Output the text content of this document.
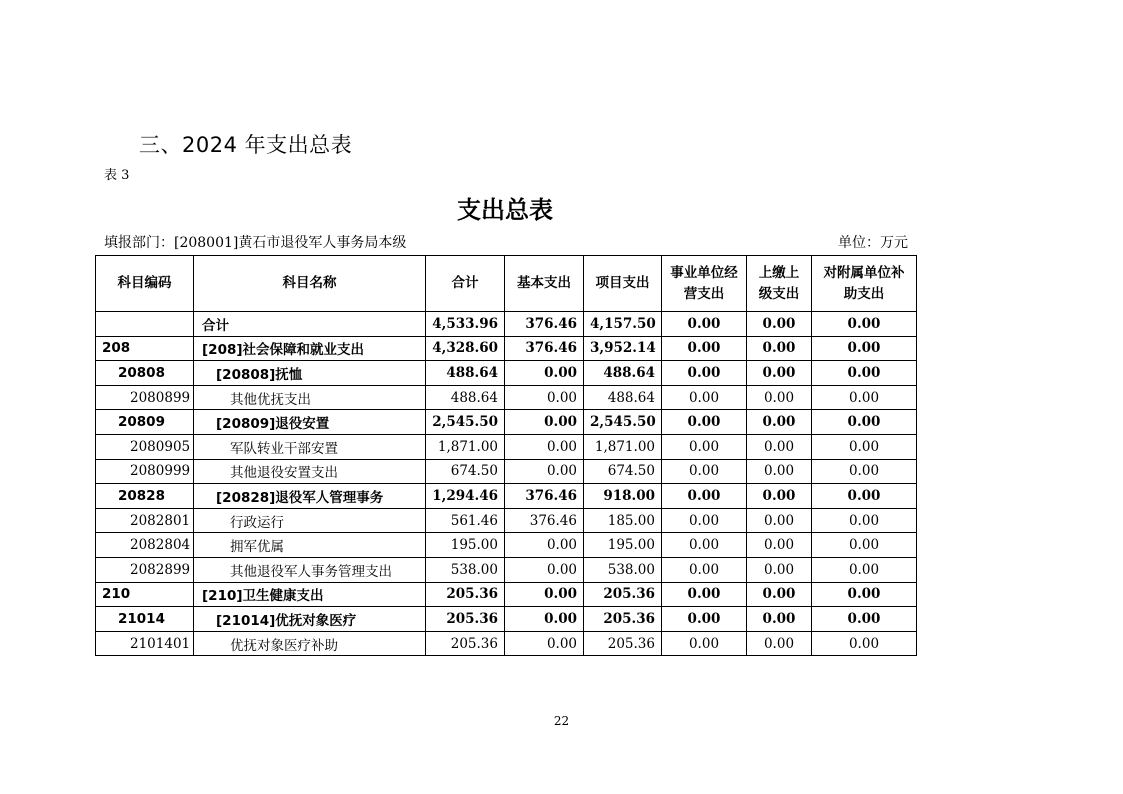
三、2024 年支出总表
表 3
支出总表
填报部门：[208001]黄石市退役军人事务局本级	单位：万元
科目编码	科目名称	合计	基本支出	项目支出	事业单位经营支出	上缴上级支出	对附属单位补助支出
	合计	4,533.96	376.46	4,157.50	0.00	0.00	0.00
208	[208]社会保障和就业支出	4,328.60	376.46	3,952.14	0.00	0.00	0.00
20808	[20808]抚恤	488.64	0.00	488.64	0.00	0.00	0.00
2080899	其他优抚支出	488.64	0.00	488.64	0.00	0.00	0.00
20809	[20809]退役安置	2,545.50	0.00	2,545.50	0.00	0.00	0.00
2080905	军队转业干部安置	1,871.00	0.00	1,871.00	0.00	0.00	0.00
2080999	其他退役安置支出	674.50	0.00	674.50	0.00	0.00	0.00
20828	[20828]退役军人管理事务	1,294.46	376.46	918.00	0.00	0.00	0.00
2082801	行政运行	561.46	376.46	185.00	0.00	0.00	0.00
2082804	拥军优属	195.00	0.00	195.00	0.00	0.00	0.00
2082899	其他退役军人事务管理支出	538.00	0.00	538.00	0.00	0.00	0.00
210	[210]卫生健康支出	205.36	0.00	205.36	0.00	0.00	0.00
21014	[21014]优抚对象医疗	205.36	0.00	205.36	0.00	0.00	0.00
2101401	优抚对象医疗补助	205.36	0.00	205.36	0.00	0.00	0.00
22
